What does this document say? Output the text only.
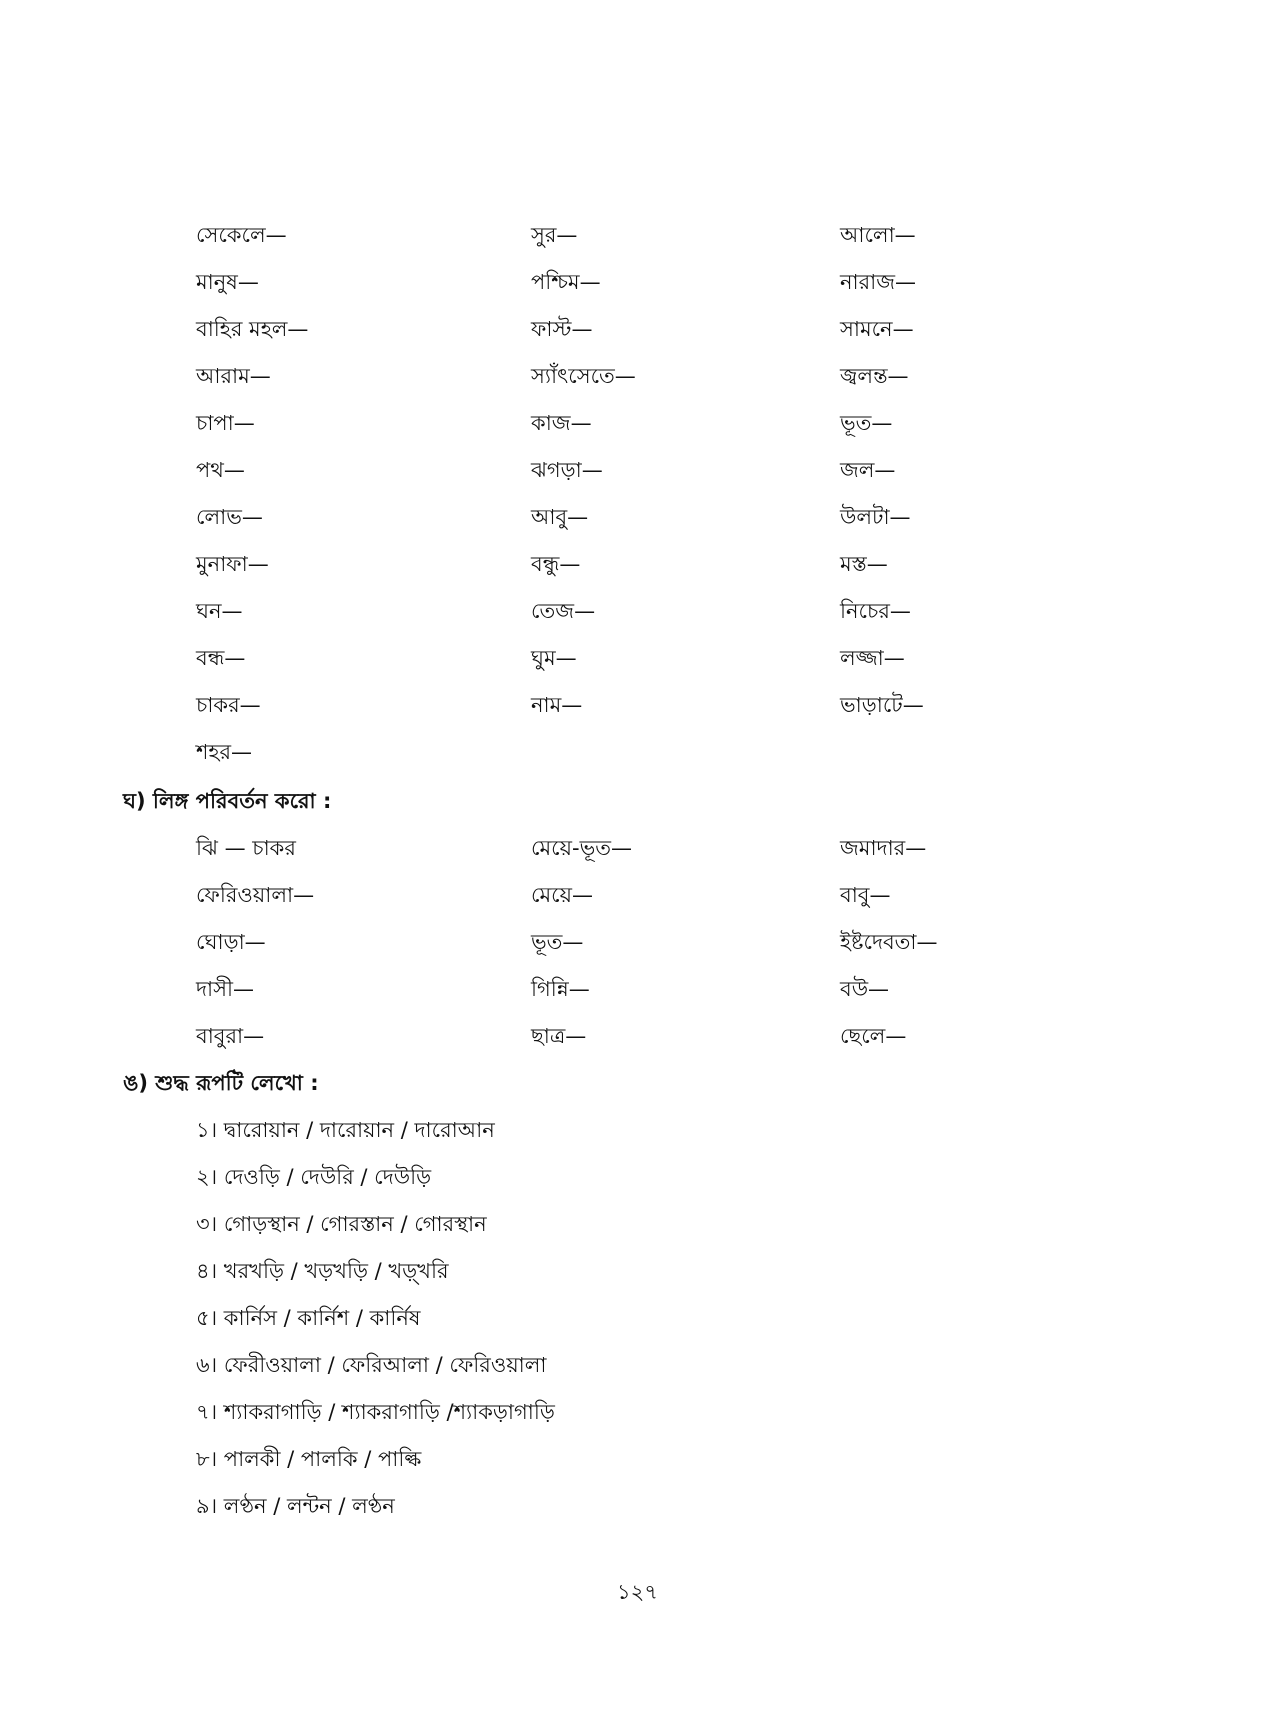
সেকেলে—	সুর—	আলো—
মানুষ—	পশ্চিম—	নারাজ—
বাহির মহল—	ফাস্ট—	সামনে—
আরাম—	স্যাঁৎসেতে—	জ্বলন্ত—
চাপা—	কাজ—	ভূত—
পথ—	ঝগড়া—	জল—
লোভ—	আবু—	উলটা—
মুনাফা—	বন্ধু—	মস্ত—
ঘন—	তেজ—	নিচের—
বন্ধ—	ঘুম—	লজ্জা—
চাকর—	নাম—	ভাড়াটে—
শহর—
ঘ) লিঙ্গ পরিবর্তন করো :
ঝি — চাকর	মেয়ে-ভূত—	জমাদার—
ফেরিওয়ালা—	মেয়ে—	বাবু—
ঘোড়া—	ভূত—	ইষ্টদেবতা—
দাসী—	গিন্নি—	বউ—
বাবুরা—	ছাত্র—	ছেলে—
ঙ) শুদ্ধ রূপটি লেখো :
১। দ্বারোয়ান / দারোয়ান / দারোআন
২। দেওড়ি / দেউরি / দেউড়ি
৩। গোড়স্থান / গোরস্তান / গোরস্থান
৪। খরখড়ি / খড়খড়ি / খড়্খরি
৫। কার্নিস / কার্নিশ / কার্নিষ
৬। ফেরীওয়ালা / ফেরিআলা / ফেরিওয়ালা
৭। শ্যাকরাগাড়ি / শ্যাকরাগাড়ি /শ্যাকড়াগাড়ি
৮। পালকী / পালকি / পাল্কি
৯। লণ্ঠন / লন্টন / লণ্ঠন
১২৭
